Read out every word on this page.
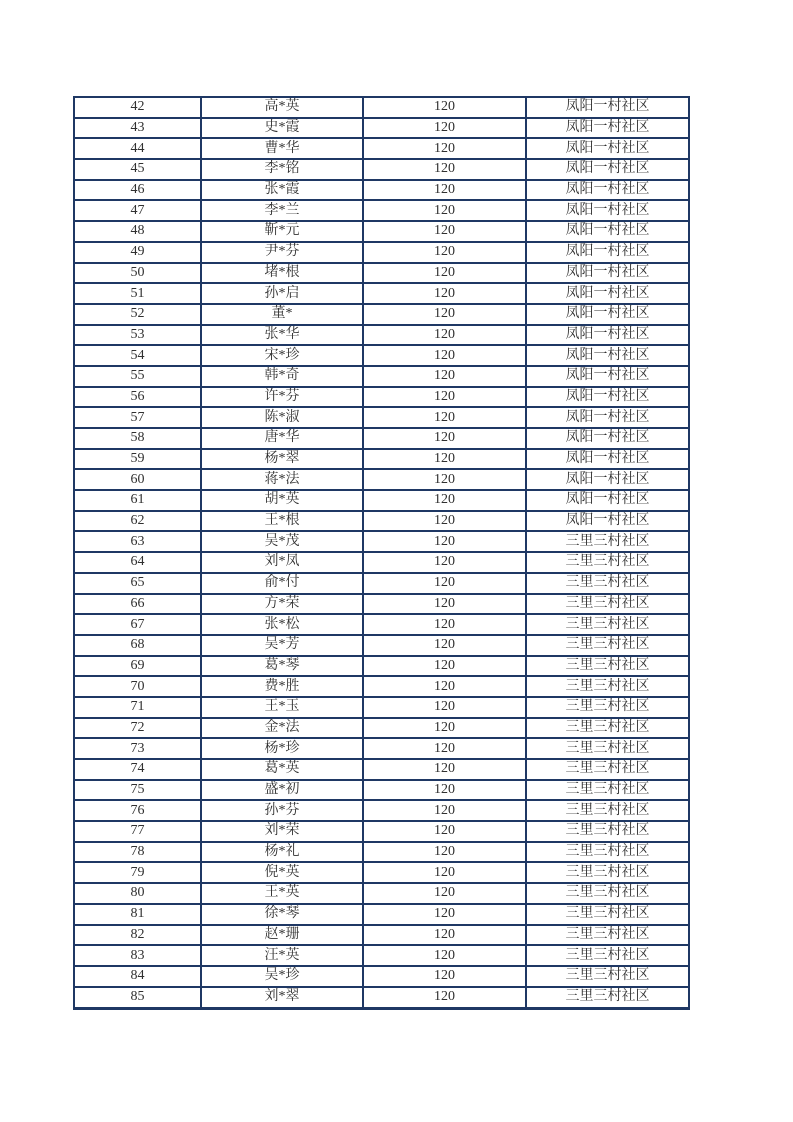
42	高*英	120	凤阳一村社区
43	史*霞	120	凤阳一村社区
44	曹*华	120	凤阳一村社区
45	李*铭	120	凤阳一村社区
46	张*霞	120	凤阳一村社区
47	李*兰	120	凤阳一村社区
48	靳*元	120	凤阳一村社区
49	尹*芬	120	凤阳一村社区
50	堵*根	120	凤阳一村社区
51	孙*启	120	凤阳一村社区
52	董*	120	凤阳一村社区
53	张*华	120	凤阳一村社区
54	宋*珍	120	凤阳一村社区
55	韩*奇	120	凤阳一村社区
56	许*芬	120	凤阳一村社区
57	陈*淑	120	凤阳一村社区
58	唐*华	120	凤阳一村社区
59	杨*翠	120	凤阳一村社区
60	蒋*法	120	凤阳一村社区
61	胡*英	120	凤阳一村社区
62	王*根	120	凤阳一村社区
63	吴*茂	120	三里三村社区
64	刘*凤	120	三里三村社区
65	俞*付	120	三里三村社区
66	方*荣	120	三里三村社区
67	张*松	120	三里三村社区
68	吴*芳	120	三里三村社区
69	葛*琴	120	三里三村社区
70	费*胜	120	三里三村社区
71	王*玉	120	三里三村社区
72	金*法	120	三里三村社区
73	杨*珍	120	三里三村社区
74	葛*英	120	三里三村社区
75	盛*初	120	三里三村社区
76	孙*芬	120	三里三村社区
77	刘*荣	120	三里三村社区
78	杨*礼	120	三里三村社区
79	倪*英	120	三里三村社区
80	王*英	120	三里三村社区
81	徐*琴	120	三里三村社区
82	赵*珊	120	三里三村社区
83	汪*英	120	三里三村社区
84	吴*珍	120	三里三村社区
85	刘*翠	120	三里三村社区
